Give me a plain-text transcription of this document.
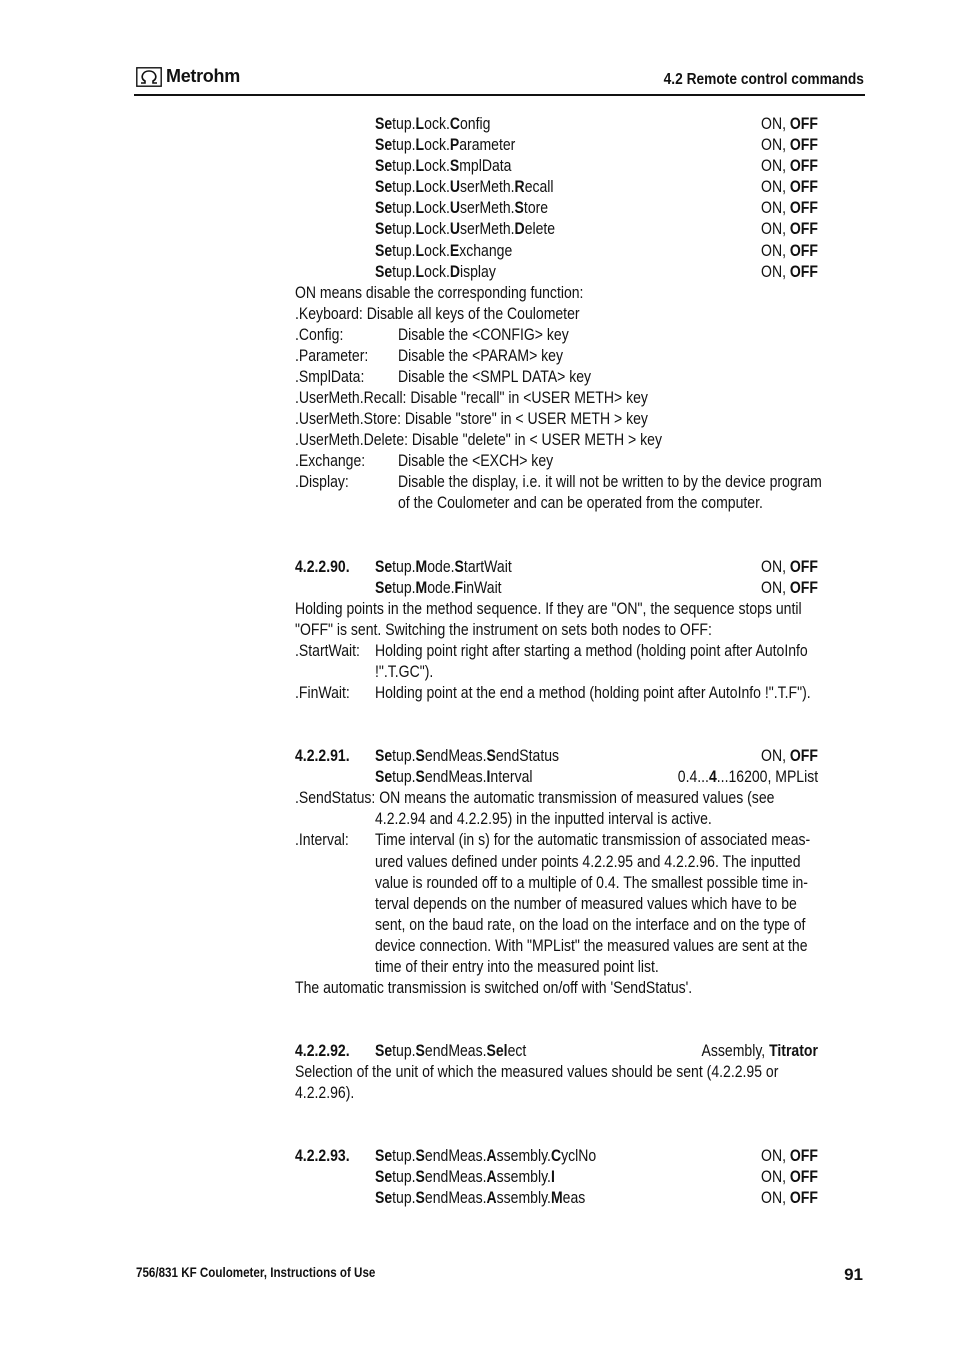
Metrohm	4.2 Remote control commands
Setup.Lock.Config	ON, OFF
Setup.Lock.Parameter	ON, OFF
Setup.Lock.SmplData	ON, OFF
Setup.Lock.UserMeth.Recall	ON, OFF
Setup.Lock.UserMeth.Store	ON, OFF
Setup.Lock.UserMeth.Delete	ON, OFF
Setup.Lock.Exchange	ON, OFF
Setup.Lock.Display	ON, OFF
ON means disable the corresponding function:
.Keyboard: Disable all keys of the Coulometer
.Config:	Disable the <CONFIG> key
.Parameter: Disable the <PARAM> key
.SmplData: Disable the <SMPL DATA> key
.UserMeth.Recall: Disable "recall" in <USER METH> key
.UserMeth.Store: Disable "store" in < USER METH > key
.UserMeth.Delete: Disable "delete" in < USER METH > key
.Exchange: Disable the <EXCH> key
.Display:	Disable the display, i.e. it will not be written to by the device program
of the Coulometer and can be operated from the computer.
4.2.2.90. Setup.Mode.StartWait	ON, OFF
Setup.Mode.FinWait	ON, OFF
Holding points in the method sequence. If they are "ON", the sequence stops until
"OFF" is sent. Switching the instrument on sets both nodes to OFF:
.StartWait: Holding point right after starting a method (holding point after AutoInfo
!".T.GC").
.FinWait: Holding point at the end a method (holding point after AutoInfo !".T.F").
4.2.2.91. Setup.SendMeas.SendStatus	ON, OFF
Setup.SendMeas.Interval	0.4...4...16200, MPList
.SendStatus: ON means the automatic transmission of measured values (see
4.2.2.94 and 4.2.2.95) in the inputted interval is active.
.Interval: Time interval (in s) for the automatic transmission of associated meas-
ured values defined under points 4.2.2.95 and 4.2.2.96. The inputted
value is rounded off to a multiple of 0.4. The smallest possible time in-
terval depends on the number of measured values which have to be
sent, on the baud rate, on the load on the interface and on the type of
device connection. With "MPList" the measured values are sent at the
time of their entry into the measured point list.
The automatic transmission is switched on/off with 'SendStatus'.
4.2.2.92. Setup.SendMeas.Select	Assembly, Titrator
Selection of the unit of which the measured values should be sent (4.2.2.95 or
4.2.2.96).
4.2.2.93. Setup.SendMeas.Assembly.CyclNo	ON, OFF
Setup.SendMeas.Assembly.I	ON, OFF
Setup.SendMeas.Assembly.Meas	ON, OFF
756/831 KF Coulometer, Instructions of Use	91
